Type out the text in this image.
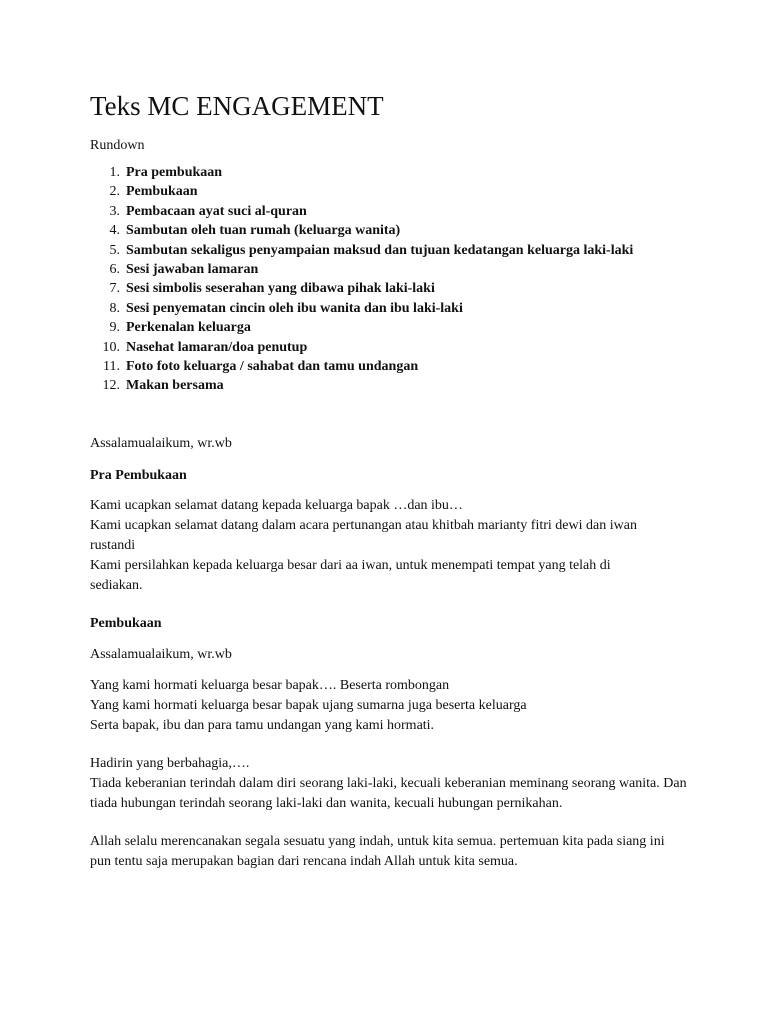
Teks MC ENGAGEMENT
Rundown
1. Pra pembukaan
2. Pembukaan
3. Pembacaan ayat suci al-quran
4. Sambutan oleh tuan rumah (keluarga wanita)
5. Sambutan sekaligus penyampaian maksud dan tujuan kedatangan keluarga laki-laki
6. Sesi jawaban lamaran
7. Sesi simbolis seserahan yang dibawa pihak laki-laki
8. Sesi penyematan cincin oleh ibu wanita dan ibu laki-laki
9. Perkenalan keluarga
10. Nasehat lamaran/doa penutup
11. Foto foto keluarga / sahabat dan tamu undangan
12. Makan bersama

Assalamualaikum, wr.wb

Pra Pembukaan

Kami ucapkan selamat datang kepada keluarga bapak …dan ibu…

Kami ucapkan selamat datang dalam acara pertunangan atau khitbah marianty fitri dewi dan iwan rustandi

Kami persilahkan kepada keluarga besar dari aa iwan, untuk menempati tempat yang telah di sediakan.

Pembukaan

Assalamualaikum, wr.wb

Yang kami hormati keluarga besar bapak…. Beserta rombongan

Yang kami hormati keluarga besar bapak ujang sumarna juga beserta keluarga

Serta bapak, ibu dan para tamu undangan yang kami hormati.

Hadirin yang berbahagia,….

Tiada keberanian terindah dalam diri seorang laki-laki, kecuali keberanian meminang seorang wanita. Dan tiada hubungan terindah seorang laki-laki dan wanita, kecuali hubungan pernikahan.

Allah selalu merencanakan segala sesuatu yang indah, untuk kita semua. pertemuan kita pada siang ini pun tentu saja merupakan bagian dari rencana indah Allah untuk kita semua.
